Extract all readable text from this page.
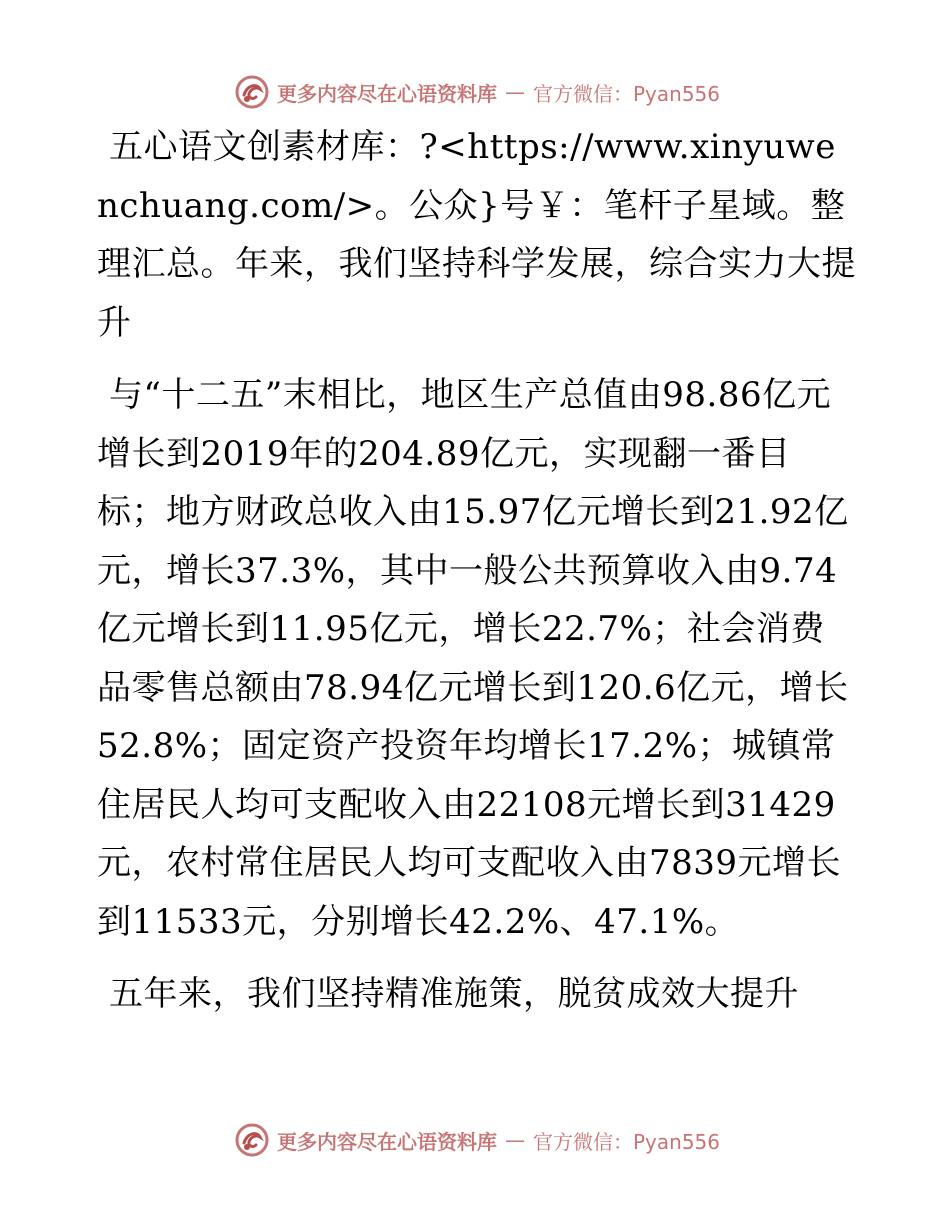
更多内容尽在心语资料库 — 官方微信：Pyan556

五心语文创素材库：?<https://www.xinyuwenchuang.com/>。公众}号￥：笔杆子星域。整理汇总。年来，我们坚持科学发展，综合实力大提升

与“十二五”末相比，地区生产总值由98.86亿元增长到2019年的204.89亿元，实现翻一番目标；地方财政总收入由15.97亿元增长到21.92亿元，增长37.3%，其中一般公共预算收入由9.74亿元增长到11.95亿元，增长22.7%；社会消费品零售总额由78.94亿元增长到120.6亿元，增长52.8%；固定资产投资年均增长17.2%；城镇常住居民人均可支配收入由22108元增长到31429元，农村常住居民人均可支配收入由7839元增长到11533元，分别增长42.2%、47.1%。

五年来，我们坚持精准施策，脱贫成效大提升

更多内容尽在心语资料库 — 官方微信：Pyan556
